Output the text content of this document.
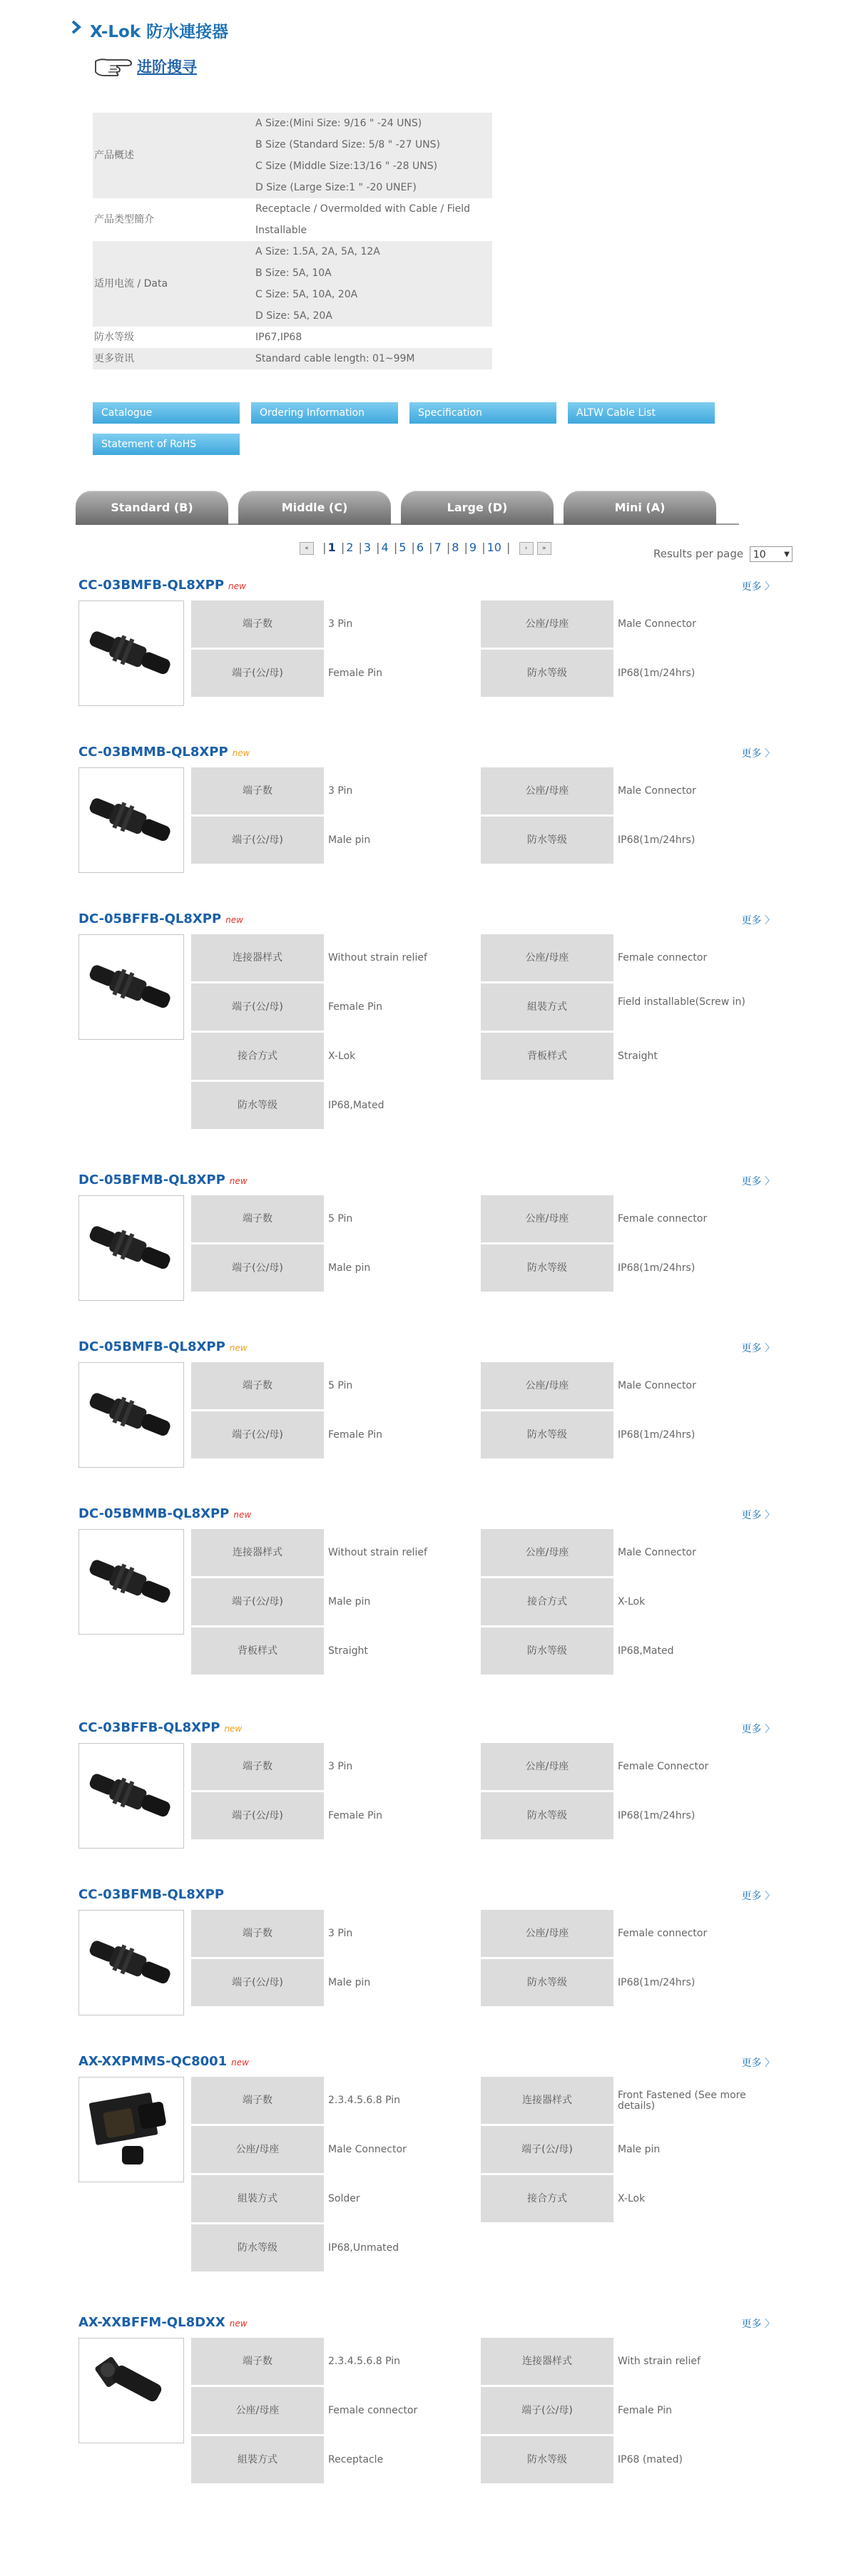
X-Lok 防水連接器
进阶搜寻
产品概述	A Size:(Mini Size: 9/16 " -24 UNS)
B Size (Standard Size: 5/8 " -27 UNS)
C Size (Middle Size:13/16 " -28 UNS)
D Size (Large Size:1 " -20 UNEF)

产品类型簡介	Receptacle / Overmolded with Cable / Field
Installable

适用电流 / Data	A Size: 1.5A, 2A, 5A, 12A
B Size: 5A, 10A
C Size: 5A, 10A, 20A
D Size: 5A, 20A

防水等级	IP67,IP68

更多资讯	Standard cable length: 01~99M
Catalogue	Ordering Information	Specification	ALTW Cable List
Statement of RoHS
Standard (B)	Middle (C)	Large (D)	Mini (A)
«  | 1 | 2 | 3 | 4 | 5 | 6 | 7 | 8 | 9 | 10 |  › »	Results per page 10	▼
CC-03BMFB-QL8XPP new	更多 〉
端子数	3 Pin	公座/母座	Male Connector
端子(公/母)	Female Pin	防水等级	IP68(1m/24hrs)
CC-03BMMB-QL8XPP new	更多 〉
端子数	3 Pin	公座/母座	Male Connector
端子(公/母)	Male pin	防水等级	IP68(1m/24hrs)
DC-05BFFB-QL8XPP new	更多 〉
连接器样式	Without strain relief	公座/母座	Female connector
端子(公/母)	Female Pin	組裝方式	Field installable(Screw in)
接合方式	X-Lok	背板样式	Straight
防水等级	IP68,Mated
DC-05BFMB-QL8XPP new	更多 〉
端子数	5 Pin	公座/母座	Female connector
端子(公/母)	Male pin	防水等级	IP68(1m/24hrs)
DC-05BMFB-QL8XPP new	更多 〉
端子数	5 Pin	公座/母座	Male Connector
端子(公/母)	Female Pin	防水等级	IP68(1m/24hrs)
DC-05BMMB-QL8XPP new	更多 〉
连接器样式	Without strain relief	公座/母座	Male Connector
端子(公/母)	Male pin	接合方式	X-Lok
背板样式	Straight	防水等级	IP68,Mated
CC-03BFFB-QL8XPP new	更多 〉
端子数	3 Pin	公座/母座	Female Connector
端子(公/母)	Female Pin	防水等级	IP68(1m/24hrs)
CC-03BFMB-QL8XPP	更多 〉
端子数	3 Pin	公座/母座	Female connector
端子(公/母)	Male pin	防水等级	IP68(1m/24hrs)
AX-XXPMMS-QC8001 new	更多 〉
端子数	2.3.4.5.6.8 Pin	连接器样式	Front Fastened (See more details)
公座/母座	Male Connector	端子(公/母)	Male pin
組裝方式	Solder	接合方式	X-Lok
防水等级	IP68,Unmated
AX-XXBFFM-QL8DXX new	更多 〉
端子数	2.3.4.5.6.8 Pin	连接器样式	With strain relief
公座/母座	Female connector	端子(公/母)	Female Pin
組裝方式	Receptacle	防水等级	IP68 (mated)
